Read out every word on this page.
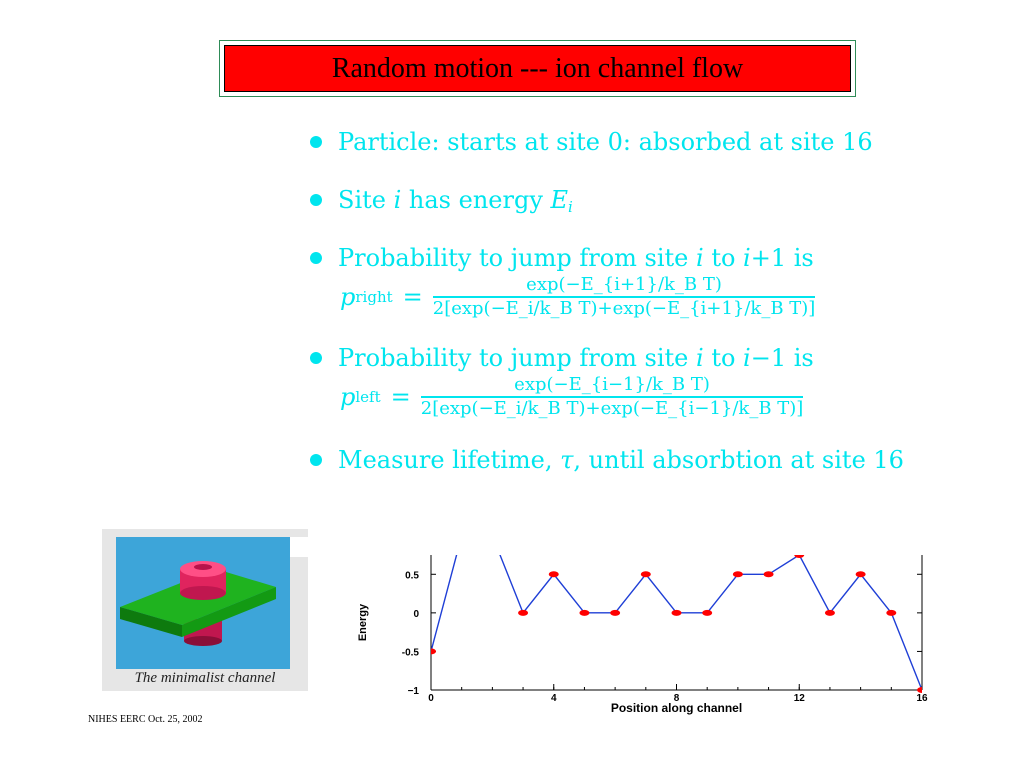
Random motion --- ion channel flow
Particle: starts at site 0: absorbed at site 16
Site i has energy $E_i$
Probability to jump from site i to i+1 is
p right = $\frac{\text{exp(−E\_\{i+1\}/k\_B T)}}{\text{2[exp(−E\_i/k\_B T)+exp(−E\_\{i+1\}/k\_B T)]}}$
Probability to jump from site i to i−1 is
p left = $\frac{\text{exp(−E\_\{i−1\}/k\_B T)}}{\text{2[exp(−E\_i/k\_B T)+exp(−E\_\{i−1\}/k\_B T)]}}$
Measure lifetime, τ, until absorbtion at site 16
The minimalist channel
0.5
0
-0.5
−1
0	4	8	12	16
Position along channel
Energy
NIHES EERC Oct. 25, 2002
